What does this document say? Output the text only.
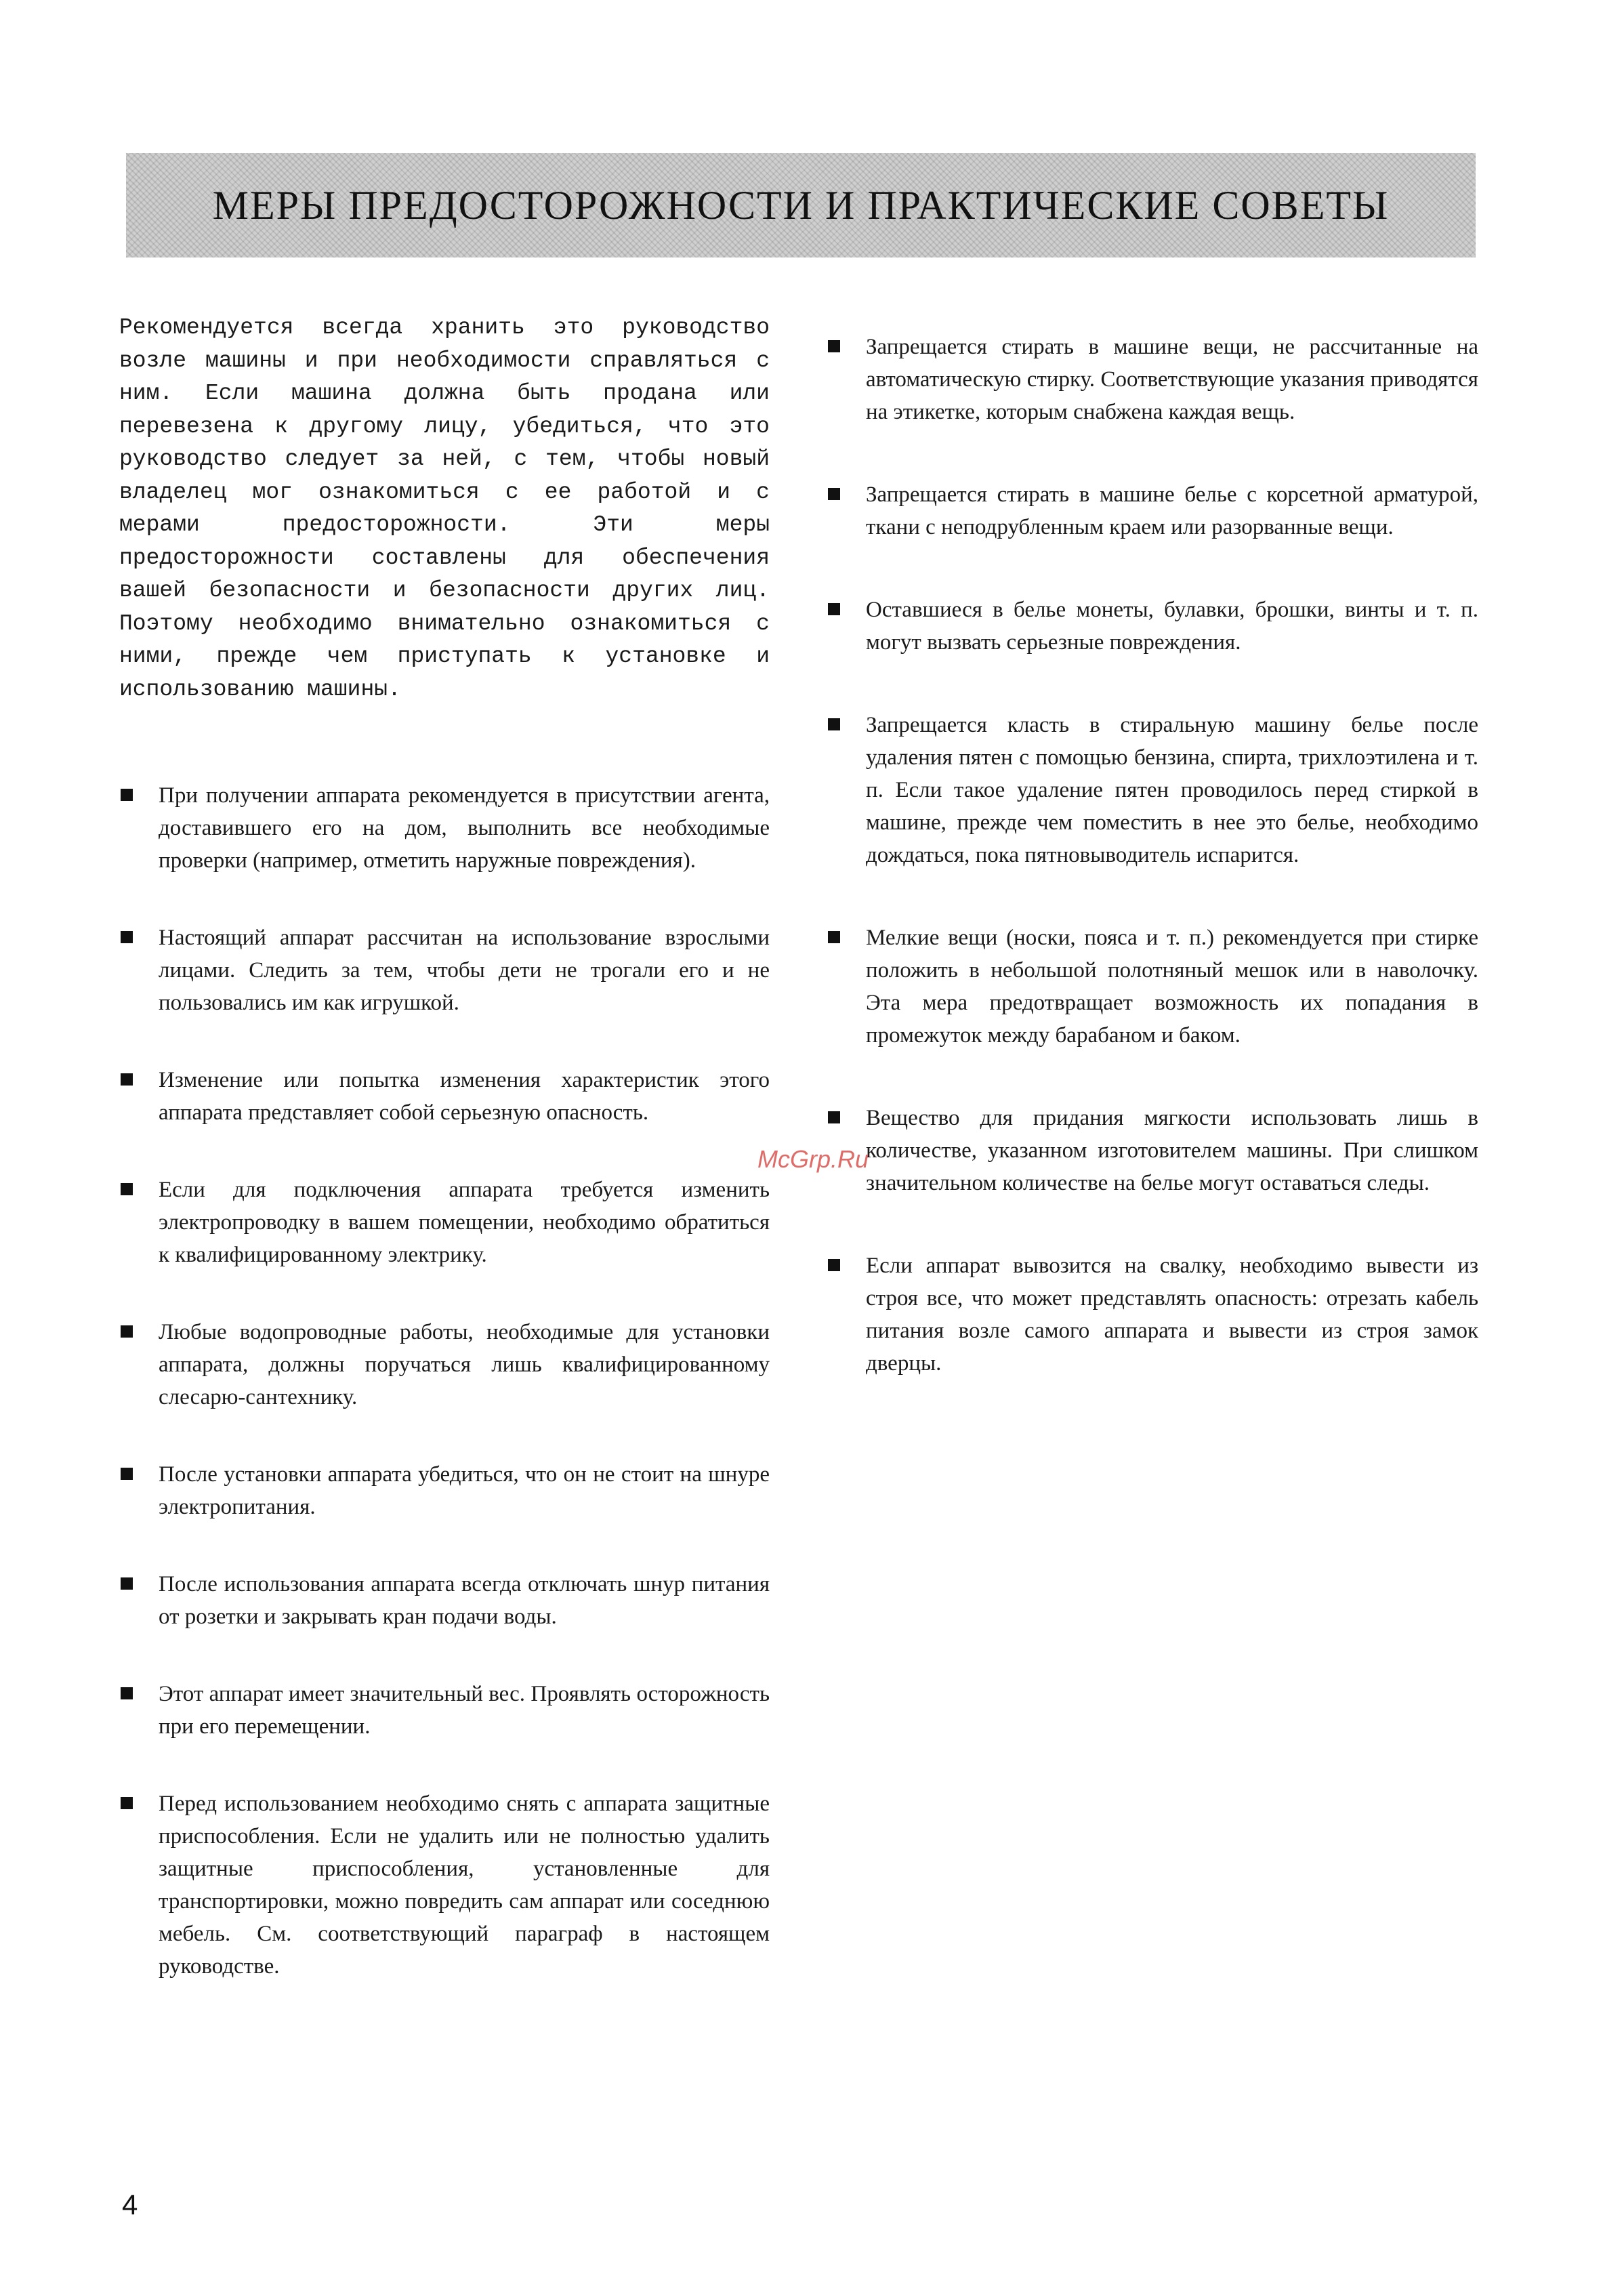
МЕРЫ ПРЕДОСТОРОЖНОСТИ И ПРАКТИЧЕСКИЕ СОВЕТЫ

Рекомендуется всегда хранить это руководство возле машины и при необходимости справляться с ним. Если машина должна быть продана или перевезена к другому лицу, убедиться, что это руководство следует за ней, с тем, чтобы новый владелец мог ознакомиться с ее работой и с мерами предосторожности. Эти меры предосторожности составлены для обеспечения вашей безопасности и безопасности других лиц. Поэтому необходимо внимательно ознакомиться с ними, прежде чем приступать к установке и использованию машины.

При получении аппарата рекомендуется в присутствии агента, доставившего его на дом, выполнить все необходимые проверки (например, отметить наружные повреждения).
Настоящий аппарат рассчитан на использование взрослыми лицами. Следить за тем, чтобы дети не трогали его и не пользовались им как игрушкой.
Изменение или попытка изменения характеристик этого аппарата представляет собой серьезную опасность.
Если для подключения аппарата требуется изменить электропроводку в вашем помещении, необходимо обратиться к квалифицированному электрику.
Любые водопроводные работы, необходимые для установки аппарата, должны поручаться лишь квалифицированному слесарю-сантехнику.
После установки аппарата убедиться, что он не стоит на шнуре электропитания.
После использования аппарата всегда отключать шнур питания от розетки и закрывать кран подачи воды.
Этот аппарат имеет значительный вес. Проявлять осторожность при его перемещении.
Перед использованием необходимо снять с аппарата защитные приспособления. Если не удалить или не полностью удалить защитные приспособления, установленные для транспортировки, можно повредить сам аппарат или соседнюю мебель. См. соответствующий параграф в настоящем руководстве.
Запрещается стирать в машине вещи, не рассчитанные на автоматическую стирку. Соответствующие указания приводятся на этикетке, которым снабжена каждая вещь.
Запрещается стирать в машине белье с корсетной арматурой, ткани с неподрубленным краем или разорванные вещи.
Оставшиеся в белье монеты, булавки, брошки, винты и т. п. могут вызвать серьезные повреждения.
Запрещается класть в стиральную машину белье после удаления пятен с помощью бензина, спирта, трихлоэтилена и т. п. Если такое удаление пятен проводилось перед стиркой в машине, прежде чем поместить в нее это белье, необходимо дождаться, пока пятновыводитель испарится.
Мелкие вещи (носки, пояса и т. п.) рекомендуется при стирке положить в небольшой полотняный мешок или в наволочку. Эта мера предотвращает возможность их попадания в промежуток между барабаном и баком.
Вещество для придания мягкости использовать лишь в количестве, указанном изготовителем машины. При слишком значительном количестве на белье могут оставаться следы.
Если аппарат вывозится на свалку, необходимо вывести из строя все, что может представлять опасность: отрезать кабель питания возле самого аппарата и вывести из строя замок дверцы.
McGrp.Ru
4
